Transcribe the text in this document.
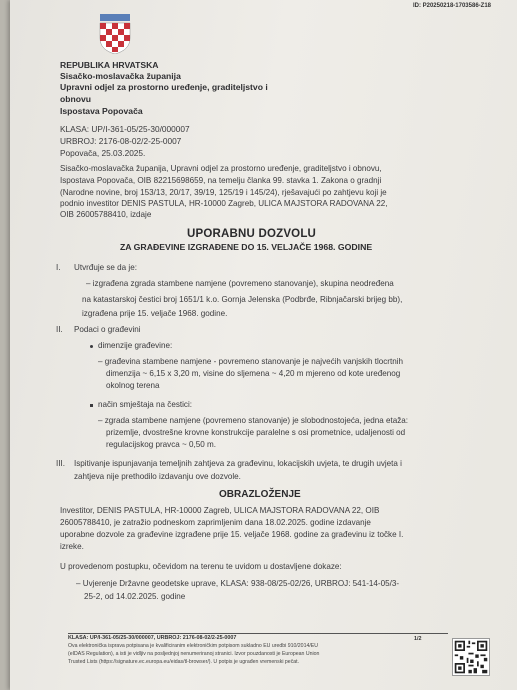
ID: P20250218-1703586-Z18
REPUBLIKA HRVATSKA
Sisačko-moslavačka županija
Upravni odjel za prostorno uređenje, graditeljstvo i
obnovu
Ispostava Popovača
KLASA: UP/I-361-05/25-30/000007
URBROJ: 2176-08-02/2-25-0007
Popovača, 25.03.2025.
Sisačko-moslavačka županija, Upravni odjel za prostorno uređenje, graditeljstvo i obnovu,
Ispostava Popovača, OIB 82215698659, na temelju članka 99. stavka 1. Zakona o gradnji
(Narodne novine, broj 153/13, 20/17, 39/19, 125/19 i 145/24), rješavajući po zahtjevu koji je
podnio investitor DENIS PASTULA, HR-10000 Zagreb, ULICA MAJSTORA RADOVANA 22,
OIB 26005788410, izdaje
UPORABNU DOZVOLU
ZA GRAĐEVINE IZGRAĐENE DO 15. VELJAČE 1968. GODINE
I. Utvrđuje se da je:
– izgrađena zgrada stambene namjene (povremeno stanovanje), skupina neodređena
na katastarskoj čestici broj 1651/1 k.o. Gornja Jelenska (Podbrđe, Ribnjačarski brijeg bb),
izgrađena prije 15. veljače 1968. godine.
II. Podaci o građevini
dimenzije građevine:
– građevina stambene namjene - povremeno stanovanje je najvećih vanjskih tlocrtnih
dimenzija ~ 6,15 x 3,20 m, visine do sljemena ~ 4,20 m mjereno od kote uređenog
okolnog terena
način smještaja na čestici:
– zgrada stambene namjene (povremeno stanovanje) je slobodnostojeća, jedna etaža:
prizemlje, dvostrešne krovne konstrukcije paralelne s osi prometnice, udaljenosti od
regulacijskog pravca ~ 0,50 m.
III. Ispitivanje ispunjavanja temeljnih zahtjeva za građevinu, lokacijskih uvjeta, te drugih uvjeta i
zahtjeva nije prethodilo izdavanju ove dozvole.
OBRAZLOŽENJE
Investitor, DENIS PASTULA, HR-10000 Zagreb, ULICA MAJSTORA RADOVANA 22, OIB
26005788410, je zatražio podneskom zaprimljenim dana 18.02.2025. godine izdavanje
uporabne dozvole za građevine izgrađene prije 15. veljače 1968. godine za građevinu iz točke I.
izreke.
U provedenom postupku, očevidom na terenu te uvidom u dostavljene dokaze:
– Uvjerenje Državne geodetske uprave, KLASA: 938-08/25-02/26, URBROJ: 541-14-05/3-
25-2, od 14.02.2025. godine
KLASA: UP/I-361-05/25-30/000007, URBROJ: 2176-08-02/2-25-0007	1/2
Ova elektronička isprava potpisana je kvalificiranim elektroničkim potpisom sukladno EU uredbi 910/2014/EU
(eIDAS Regulation), a isti je vidljiv na posljednjoj nenumeriranoj stranici. Izvor pouzdanosti je European Union
Trusted Lists (https://signature.ec.europa.eu/eidas/tl-browser/). U potpis je ugrađen vremenski pečat.
